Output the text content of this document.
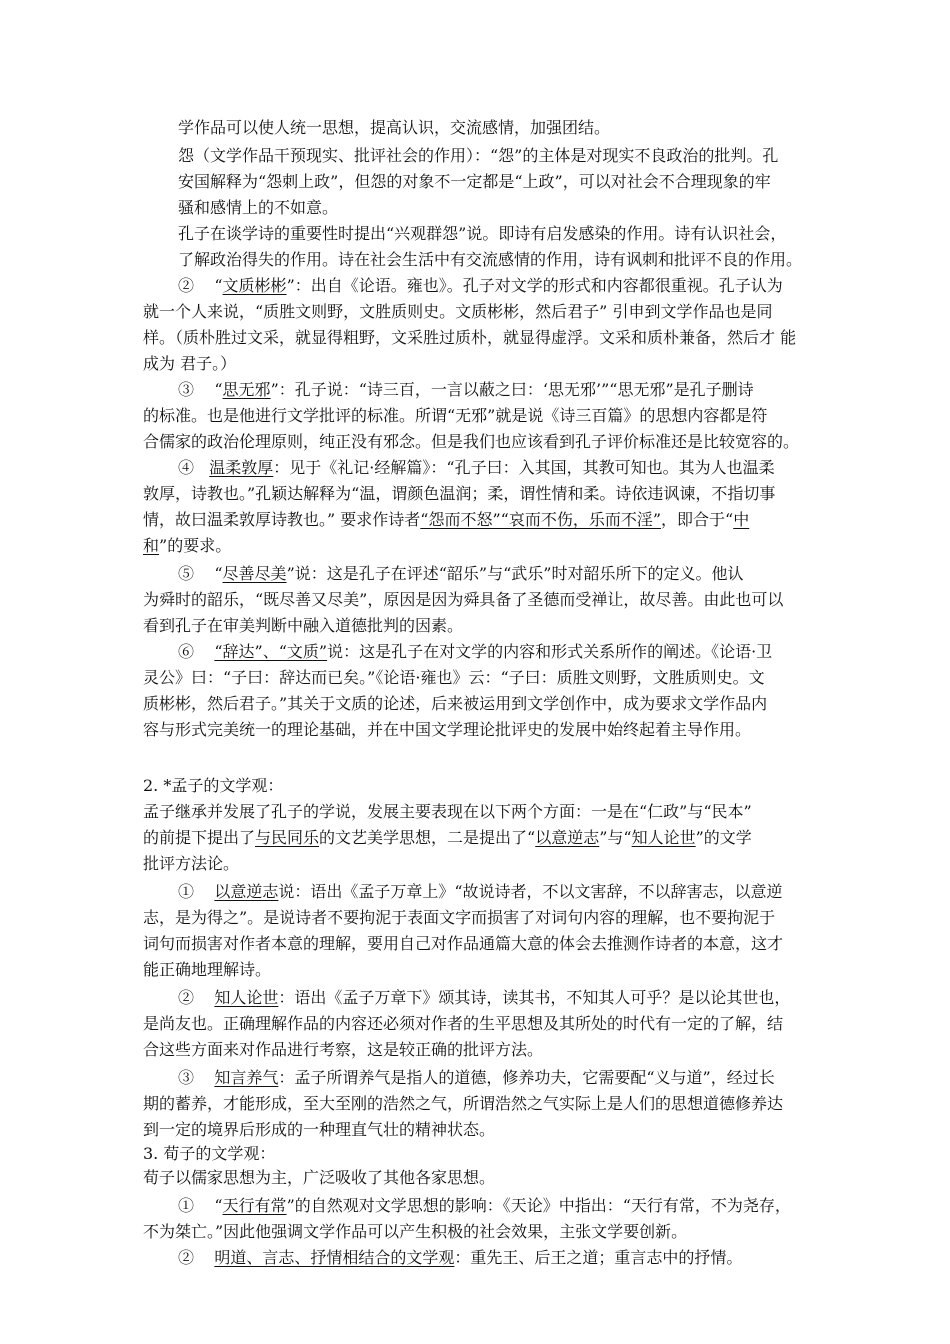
学作品可以使人统一思想，提高认识，交流感情，加强团结。
怨（文学作品干预现实、批评社会的作用）：“怨”的主体是对现实不良政治的批判。孔
安国解释为“怨刺上政”，但怨的对象不一定都是“上政”，可以对社会不合理现象的牢
骚和感情上的不如意。
孔子在谈学诗的重要性时提出“兴观群怨”说。即诗有启发感染的作用。诗有认识社会，
了解政治得失的作用。诗在社会生活中有交流感情的作用，诗有讽刺和批评不良的作用。
② “文质彬彬”：出自《论语。雍也》。孔子对文学的形式和内容都很重视。孔子认为
就一个人来说，“质胜文则野，文胜质则史。文质彬彬，然后君子” 引申到文学作品也是同
样。（质朴胜过文采，就显得粗野，文采胜过质朴，就显得虚浮。文采和质朴兼备，然后才 能
成为 君子。）
③ “思无邪”：孔子说：“诗三百，一言以蔽之曰：‘思无邪’”“思无邪”是孔子删诗
的标准。也是他进行文学批评的标准。所谓“无邪”就是说《诗三百篇》的思想内容都是符
合儒家的政治伦理原则，纯正没有邪念。但是我们也应该看到孔子评价标准还是比较宽容的。
④ 温柔敦厚：见于《礼记·经解篇》：“孔子曰：入其国，其教可知也。其为人也温柔
敦厚，诗教也。”孔颖达解释为“温，谓颜色温润；柔，谓性情和柔。诗依违讽谏，不指切事
情，故曰温柔敦厚诗教也。” 要求作诗者“怨而不怒”“哀而不伤，乐而不淫”，即合于“中
和”的要求。
⑤ “尽善尽美”说：这是孔子在评述“韶乐”与“武乐”时对韶乐所下的定义。他认
为舜时的韶乐，“既尽善又尽美”，原因是因为舜具备了圣德而受禅让，故尽善。由此也可以
看到孔子在审美判断中融入道德批判的因素。
⑥ “辞达”、“文质”说：这是孔子在对文学的内容和形式关系所作的阐述。《论语·卫
灵公》曰：“子曰：辞达而已矣。”《论语·雍也》云：“子曰：质胜文则野，文胜质则史。文
质彬彬，然后君子。”其关于文质的论述，后来被运用到文学创作中，成为要求文学作品内
容与形式完美统一的理论基础，并在中国文学理论批评史的发展中始终起着主导作用。
2. *孟子的文学观：
孟子继承并发展了孔子的学说，发展主要表现在以下两个方面：一是在“仁政”与“民本”
的前提下提出了与民同乐的文艺美学思想，二是提出了“以意逆志”与“知人论世”的文学
批评方法论。
① 以意逆志说：语出《孟子万章上》“故说诗者，不以文害辞，不以辞害志，以意逆
志，是为得之”。是说诗者不要拘泥于表面文字而损害了对词句内容的理解，也不要拘泥于
词句而损害对作者本意的理解，要用自己对作品通篇大意的体会去推测作诗者的本意，这才
能正确地理解诗。
② 知人论世：语出《孟子万章下》颂其诗，读其书，不知其人可乎？是以论其世也，
是尚友也。正确理解作品的内容还必须对作者的生平思想及其所处的时代有一定的了解，结
合这些方面来对作品进行考察，这是较正确的批评方法。
③ 知言养气：孟子所谓养气是指人的道德，修养功夫，它需要配“义与道”，经过长
期的蓄养，才能形成，至大至刚的浩然之气，所谓浩然之气实际上是人们的思想道德修养达
到一定的境界后形成的一种理直气壮的精神状态。
3. 荀子的文学观：
荀子以儒家思想为主，广泛吸收了其他各家思想。
① “天行有常”的自然观对文学思想的影响：《天论》中指出：“天行有常，不为尧存，
不为桀亡。”因此他强调文学作品可以产生积极的社会效果，主张文学要创新。
② 明道、言志、抒情相结合的文学观：重先王、后王之道；重言志中的抒情。
